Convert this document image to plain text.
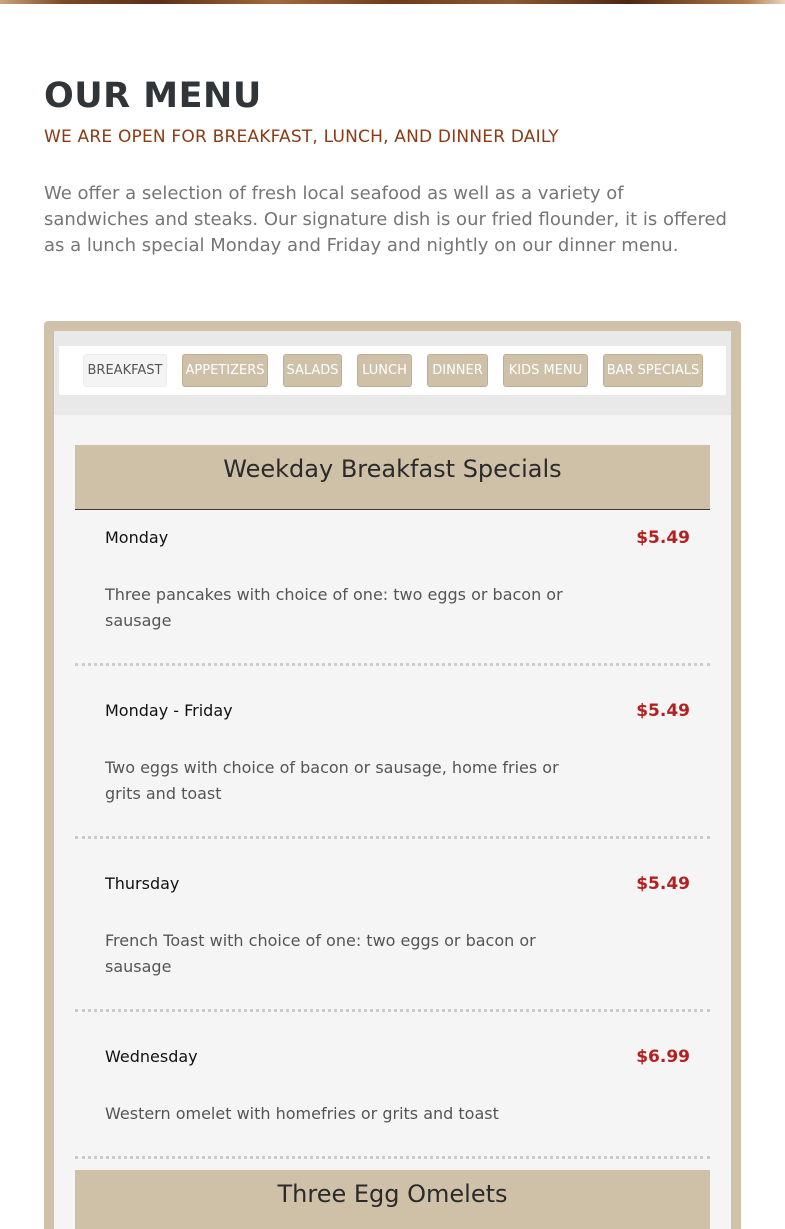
OUR MENU
WE ARE OPEN FOR BREAKFAST, LUNCH, AND DINNER DAILY

We offer a selection of fresh local seafood as well as a variety of sandwiches and steaks. Our signature dish is our fried flounder, it is offered as a lunch special Monday and Friday and nightly on our dinner menu.

BREAKFAST	APPETIZERS SALADS	LUNCH	DINNER	KIDS MENU	BAR SPECIALS
Weekday Breakfast Specials
Monday	$5.49
Three pancakes with choice of one: two eggs or bacon or sausage
Monday - Friday	$5.49
Two eggs with choice of bacon or sausage, home fries or grits and toast
Thursday	$5.49
French Toast with choice of one: two eggs or bacon or sausage
Wednesday	$6.99
Western omelet with homefries or grits and toast
Three Egg Omelets
